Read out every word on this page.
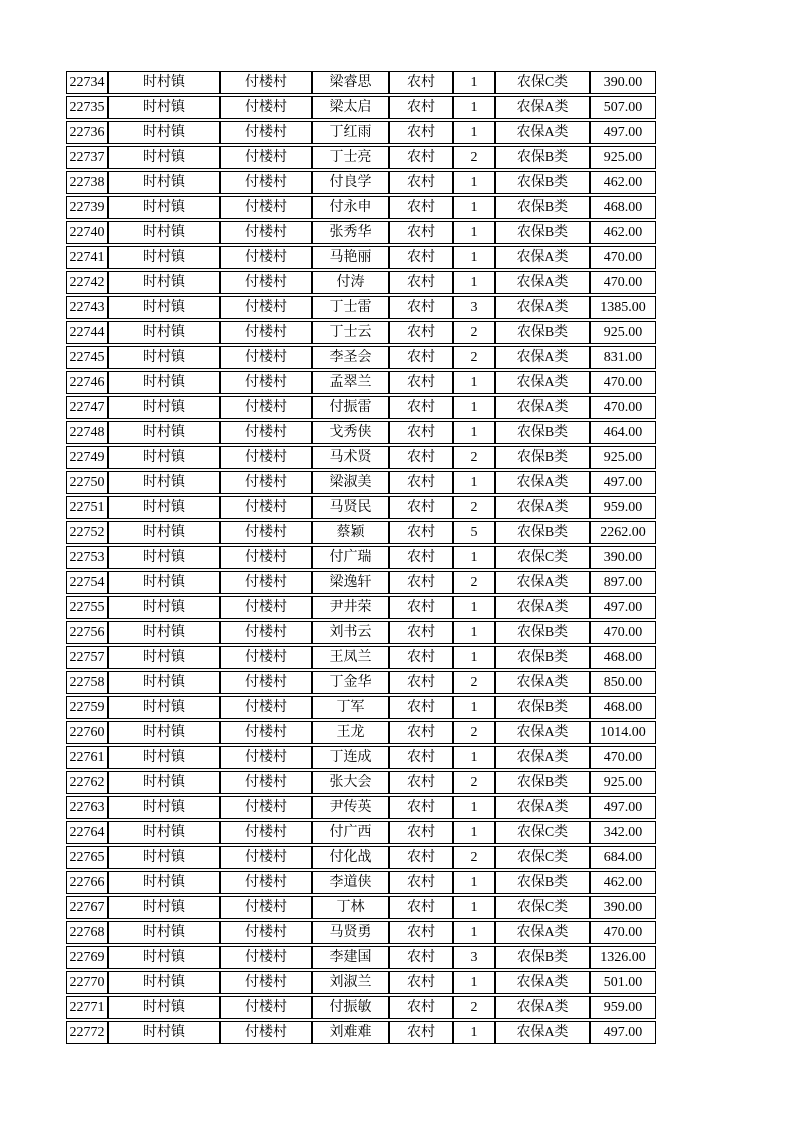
22734	时村镇	付楼村	梁睿思	农村	1	农保C类	390.00
22735	时村镇	付楼村	梁太启	农村	1	农保A类	507.00
22736	时村镇	付楼村	丁红雨	农村	1	农保A类	497.00
22737	时村镇	付楼村	丁士亮	农村	2	农保B类	925.00
22738	时村镇	付楼村	付良学	农村	1	农保B类	462.00
22739	时村镇	付楼村	付永申	农村	1	农保B类	468.00
22740	时村镇	付楼村	张秀华	农村	1	农保B类	462.00
22741	时村镇	付楼村	马艳丽	农村	1	农保A类	470.00
22742	时村镇	付楼村	付涛	农村	1	农保A类	470.00
22743	时村镇	付楼村	丁士雷	农村	3	农保A类	1385.00
22744	时村镇	付楼村	丁士云	农村	2	农保B类	925.00
22745	时村镇	付楼村	李圣会	农村	2	农保A类	831.00
22746	时村镇	付楼村	孟翠兰	农村	1	农保A类	470.00
22747	时村镇	付楼村	付振雷	农村	1	农保A类	470.00
22748	时村镇	付楼村	戈秀侠	农村	1	农保B类	464.00
22749	时村镇	付楼村	马术贤	农村	2	农保B类	925.00
22750	时村镇	付楼村	梁淑美	农村	1	农保A类	497.00
22751	时村镇	付楼村	马贤民	农村	2	农保A类	959.00
22752	时村镇	付楼村	蔡颖	农村	5	农保B类	2262.00
22753	时村镇	付楼村	付广瑞	农村	1	农保C类	390.00
22754	时村镇	付楼村	梁逸轩	农村	2	农保A类	897.00
22755	时村镇	付楼村	尹井荣	农村	1	农保A类	497.00
22756	时村镇	付楼村	刘书云	农村	1	农保B类	470.00
22757	时村镇	付楼村	王凤兰	农村	1	农保B类	468.00
22758	时村镇	付楼村	丁金华	农村	2	农保A类	850.00
22759	时村镇	付楼村	丁军	农村	1	农保B类	468.00
22760	时村镇	付楼村	王龙	农村	2	农保A类	1014.00
22761	时村镇	付楼村	丁连成	农村	1	农保A类	470.00
22762	时村镇	付楼村	张大会	农村	2	农保B类	925.00
22763	时村镇	付楼村	尹传英	农村	1	农保A类	497.00
22764	时村镇	付楼村	付广西	农村	1	农保C类	342.00
22765	时村镇	付楼村	付化战	农村	2	农保C类	684.00
22766	时村镇	付楼村	李道侠	农村	1	农保B类	462.00
22767	时村镇	付楼村	丁林	农村	1	农保C类	390.00
22768	时村镇	付楼村	马贤勇	农村	1	农保A类	470.00
22769	时村镇	付楼村	李建国	农村	3	农保B类	1326.00
22770	时村镇	付楼村	刘淑兰	农村	1	农保A类	501.00
22771	时村镇	付楼村	付振敏	农村	2	农保A类	959.00
22772	时村镇	付楼村	刘难难	农村	1	农保A类	497.00
